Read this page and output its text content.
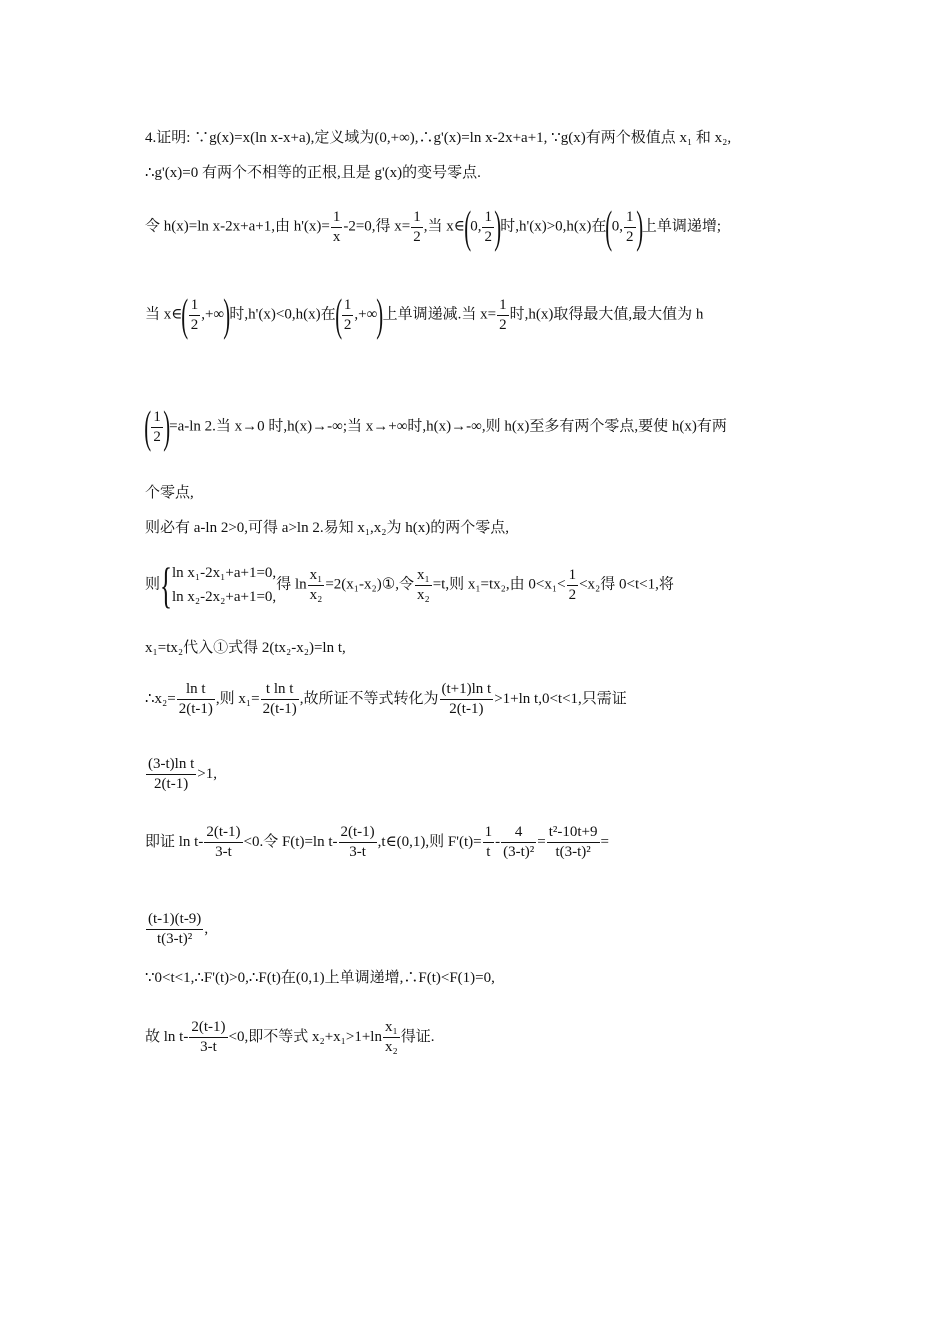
4.证明: ∵g(x)=x(ln x-x+a),定义域为(0,+∞),∴g'(x)=ln x-2x+a+1, ∵g(x)有两个极值点 x₁ 和 x₂,
∴g'(x)=0 有两个不相等的正根,且是 g'(x)的变号零点.
令 h(x)=ln x-2x+a+1,由 $h'(x)= \frac{1}{x} -2=0$,得 $x= \frac{1}{2}$ ,当 x∈(0, $\frac{1}{2}$ )时,h'(x)>0,h(x)在(0, $\frac{1}{2}$ )上单调递增;
当 x∈( $\frac{1}{2}$ ,+∞)时,h'(x)<0,h(x)在( $\frac{1}{2}$ ,+∞)上单调递减.当 $x= \frac{1}{2}$ 时,h(x)取得最大值,最大值为 h
( $\frac{1}{2} )=a-\ln$ 2.当 x→0 时,h(x)→-∞;当 x→+∞时,h(x)→-∞,则 h(x)至多有两个零点,要使 h(x)有两
个零点,
则必有 a-ln 2>0,可得 a>ln 2.易知 x₁,x₂为 h(x)的两个零点,
则{ ln x₁-2x₁+a+1=0,
ln x₂-2x₂+a+1=0,
得 $\ln \frac{\text{x₁}}{\text{x₂}}$ =2(x₁-x₂)①,令 $\frac{\text{x₁}}{\text{x₂}} =t$,则 x₁=tx₂,由 $0<x_1< \frac{1}{2} <x_2$得 0<t<1,将
x₁=tx₂代入①式得 2(tx₂-x₂)=ln t,
∴x₂= $\frac{\text{ln t}}{2(t-1)}$ ,则 $x_1= \frac{\text{t ln t}}{2(t-1)}$ ,故所证不等式转化为 $\frac{\text{(t+1)ln t}}{2(t-1)} >1+\ln$ t,0<t<1,只需证
$\frac{\text{(3-t)ln t}}{2(t-1)} >1$,
即证 $\ln t- \frac{2(t-1)}{3-t} <0$.令 F(t)=ln $t- \frac{2(t-1)}{3-t}$ ,t∈(0,1),则 $F'(t)= \frac{1}{t} - \frac{4}{\text{(3-t)²}} = \frac{\text{t²-10t+9}}{\text{t(3-t)²}}$ =
$\frac{(t-1)(t-9)}{\text{t(3-t)²}}$ ,
∵0<t<1,∴F'(t)>0,∴F(t)在(0,1)上单调递增,∴F(t)<F(1)=0,
故 $\ln t- \frac{2(t-1)}{3-t} <0$,即不等式 $x_2+x_1>1+\ln \frac{\text{x₁}}{\text{x₂}}$ 得证.
